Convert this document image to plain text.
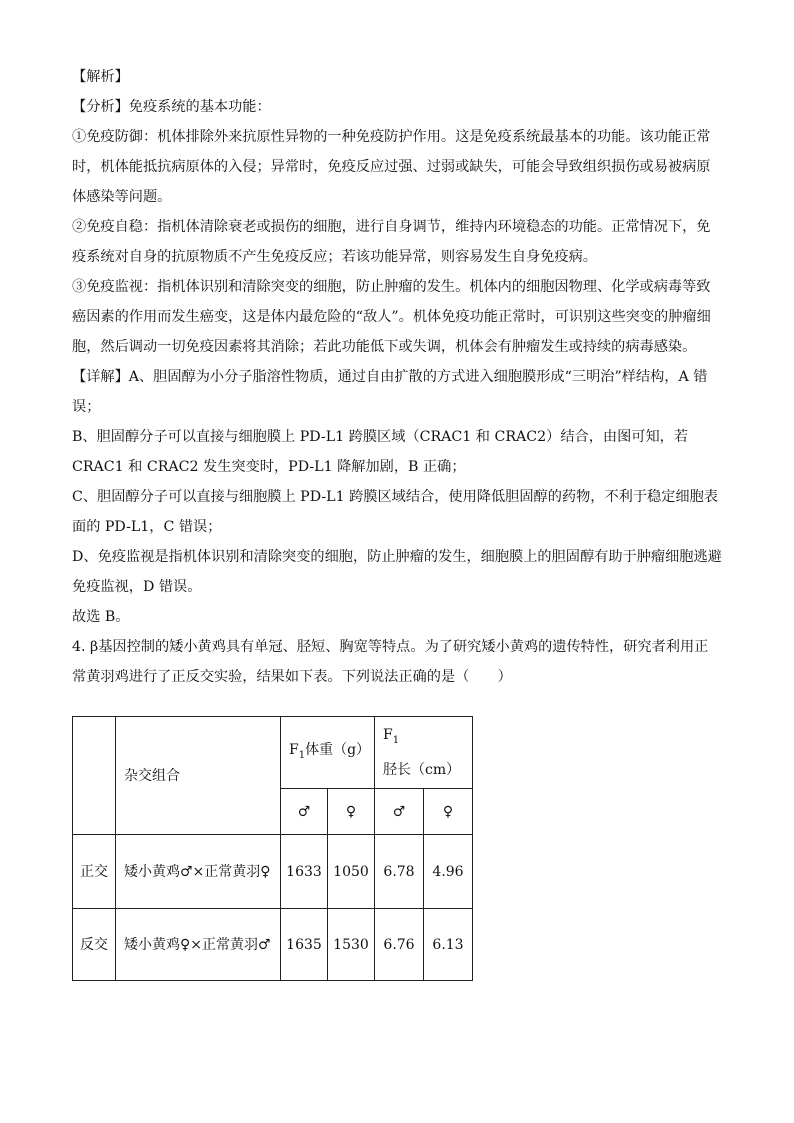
【解析】

【分析】免疫系统的基本功能：

①免疫防御：机体排除外来抗原性异物的一种免疫防护作用。这是免疫系统最基本的功能。该功能正常时，机体能抵抗病原体的入侵；异常时，免疫反应过强、过弱或缺失，可能会导致组织损伤或易被病原体感染等问题。

②免疫自稳：指机体清除衰老或损伤的细胞，进行自身调节，维持内环境稳态的功能。正常情况下，免疫系统对自身的抗原物质不产生免疫反应；若该功能异常，则容易发生自身免疫病。

③免疫监视：指机体识别和清除突变的细胞，防止肿瘤的发生。机体内的细胞因物理、化学或病毒等致癌因素的作用而发生癌变，这是体内最危险的“敌人”。机体免疫功能正常时，可识别这些突变的肿瘤细胞，然后调动一切免疫因素将其消除；若此功能低下或失调，机体会有肿瘤发生或持续的病毒感染。

【详解】A、胆固醇为小分子脂溶性物质，通过自由扩散的方式进入细胞膜形成“三明治”样结构，A 错误；

B、胆固醇分子可以直接与细胞膜上 PD-L1 跨膜区域（CRAC1 和 CRAC2）结合，由图可知，若 CRAC1 和 CRAC2 发生突变时，PD-L1 降解加剧，B 正确；

C、胆固醇分子可以直接与细胞膜上 PD-L1 跨膜区域结合，使用降低胆固醇的药物，不利于稳定细胞表面的 PD-L1，C 错误；

D、免疫监视是指机体识别和清除突变的细胞，防止肿瘤的发生，细胞膜上的胆固醇有助于肿瘤细胞逃避免疫监视，D 错误。

故选 B。

4. β基因控制的矮小黄鸡具有单冠、胫短、胸宽等特点。为了研究矮小黄鸡的遗传特性，研究者利用正常黄羽鸡进行了正反交实验，结果如下表。下列说法正确的是（　　）

	杂交组合	$F_1$体重（g）		$F_1$胫长（cm）	
		♂	♀	♂	♀
正交	矮小黄鸡♂×正常黄羽♀	1633	1050	6.78	4.96
反交	矮小黄鸡♀×正常黄羽♂	1635	1530	6.76	6.13
